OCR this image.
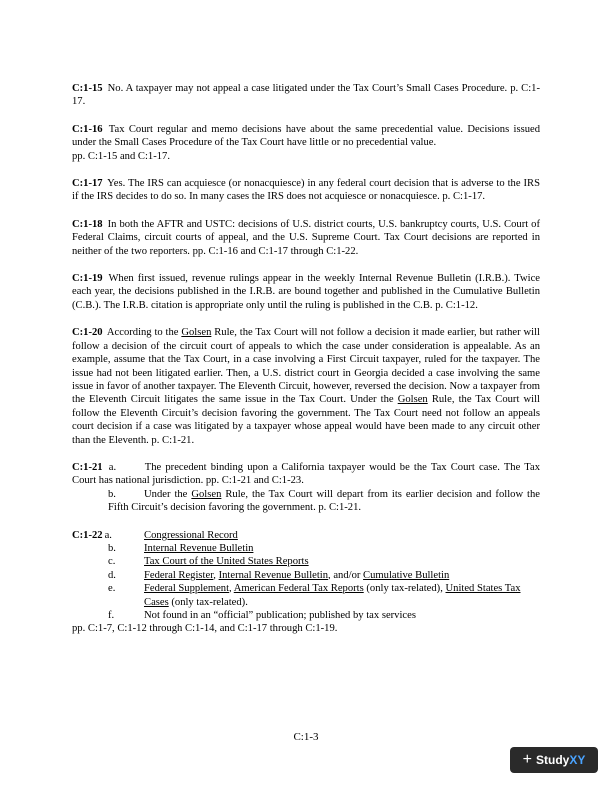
C:1-15 No. A taxpayer may not appeal a case litigated under the Tax Court’s Small Cases Procedure. p. C:1-17.

C:1-16 Tax Court regular and memo decisions have about the same precedential value. Decisions issued under the Small Cases Procedure of the Tax Court have little or no precedential value.
pp. C:1-15 and C:1-17.

C:1-17 Yes. The IRS can acquiesce (or nonacquiesce) in any federal court decision that is adverse to the IRS if the IRS decides to do so. In many cases the IRS does not acquiesce or nonacquiesce. p. C:1-17.

C:1-18 In both the AFTR and USTC: decisions of U.S. district courts, U.S. bankruptcy courts, U.S. Court of Federal Claims, circuit courts of appeal, and the U.S. Supreme Court. Tax Court decisions are reported in neither of the two reporters. pp. C:1-16 and C:1-17 through C:1-22.

C:1-19 When first issued, revenue rulings appear in the weekly Internal Revenue Bulletin (I.R.B.). Twice each year, the decisions published in the I.R.B. are bound together and published in the Cumulative Bulletin (C.B.). The I.R.B. citation is appropriate only until the ruling is published in the C.B. p. C:1-12.

C:1-20 According to the Golsen Rule, the Tax Court will not follow a decision it made earlier, but rather will follow a decision of the circuit court of appeals to which the case under consideration is appealable. As an example, assume that the Tax Court, in a case involving a First Circuit taxpayer, ruled for the taxpayer. The issue had not been litigated earlier. Then, a U.S. district court in Georgia decided a case involving the same issue in favor of another taxpayer. The Eleventh Circuit, however, reversed the decision. Now a taxpayer from the Eleventh Circuit litigates the same issue in the Tax Court. Under the Golsen Rule, the Tax Court will follow the Eleventh Circuit’s decision favoring the government. The Tax Court need not follow an appeals court decision if a case was litigated by a taxpayer whose appeal would have been made to any circuit other than the Eleventh. p. C:1-21.

C:1-21 a.	The precedent binding upon a California taxpayer would be the Tax Court case. The Tax Court has national jurisdiction. pp. C:1-21 and C:1-23.
b.	Under the Golsen Rule, the Tax Court will depart from its earlier decision and follow the Fifth Circuit’s decision favoring the government. p. C:1-21.

C:1-22 a.	Congressional Record
b.	Internal Revenue Bulletin
c.	Tax Court of the United States Reports
d.	Federal Register, Internal Revenue Bulletin, and/or Cumulative Bulletin
e.	Federal Supplement, American Federal Tax Reports (only tax-related), United States Tax Cases (only tax-related).
f.	Not found in an “official” publication; published by tax services
pp. C:1-7, C:1-12 through C:1-14, and C:1-17 through C:1-19.
C:1-3
+ StudyXY
